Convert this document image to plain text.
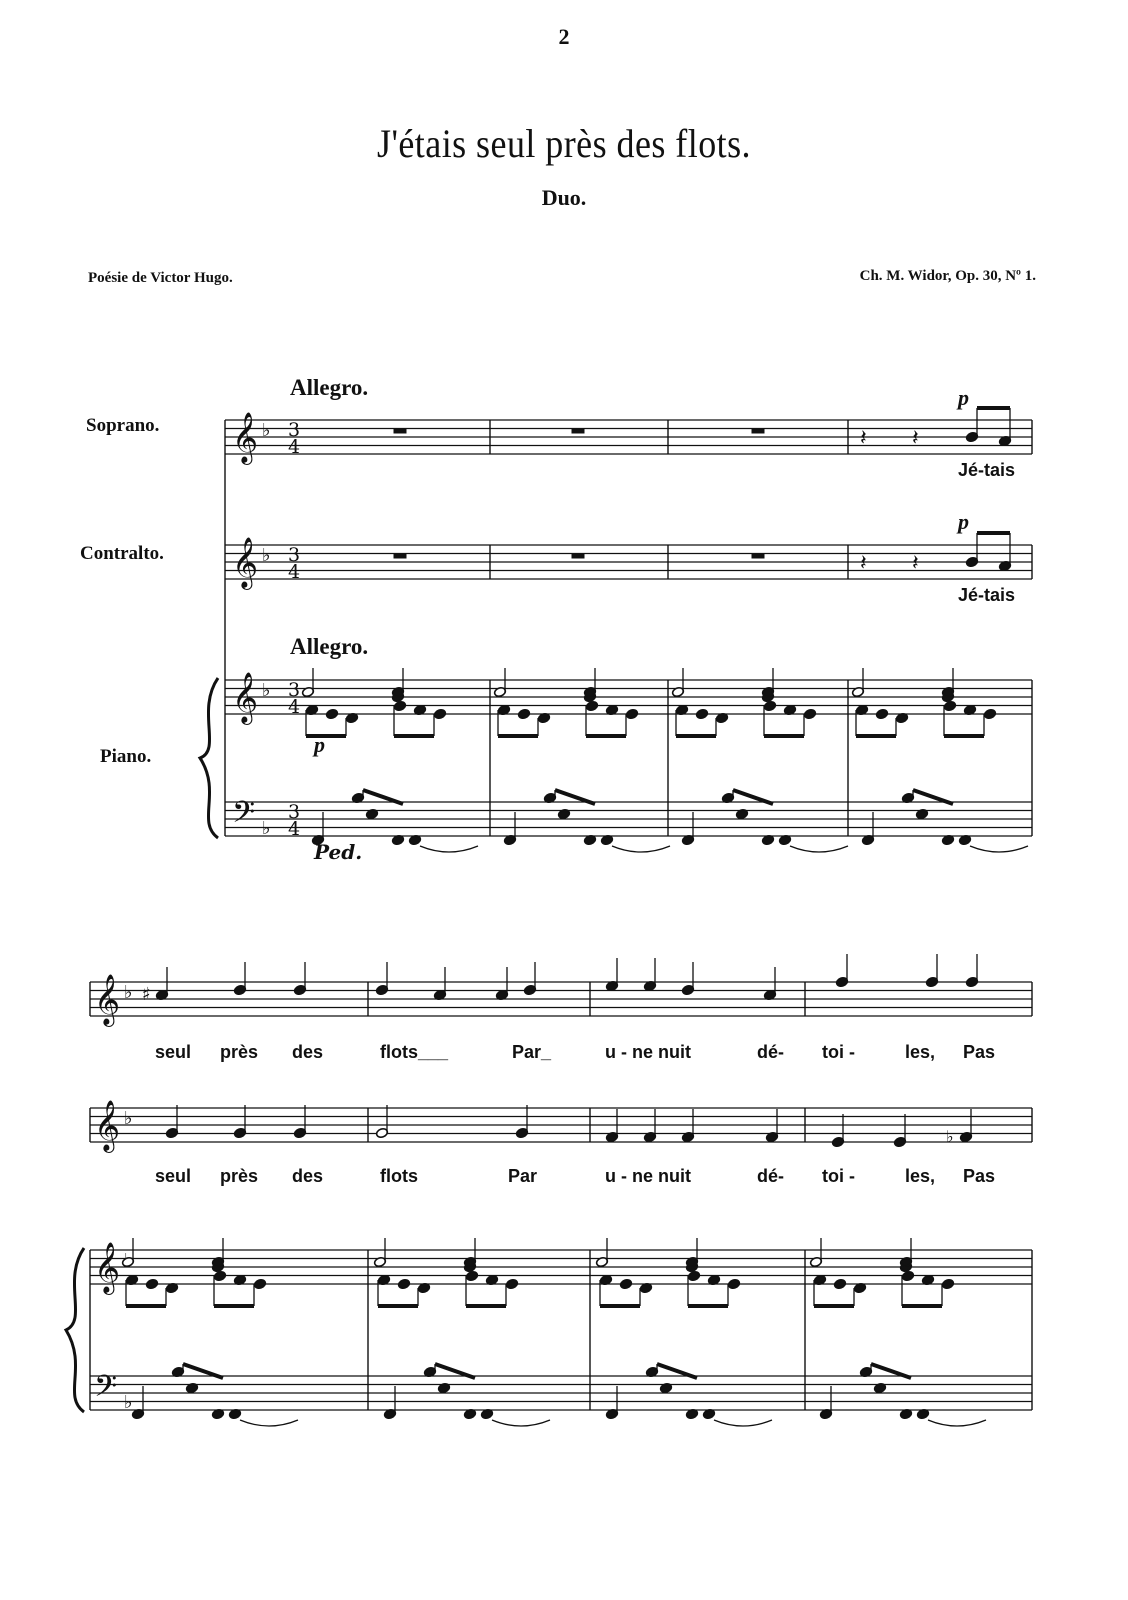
2
J'étais seul près des flots.
Duo.
Poésie de Victor Hugo.	Ch. M. Widor, Op. 30, Nº 1.
𝄞 ♭ 3
4
𝄞 ♭ 3
4
𝄞 ♭ 3
4
𝄢 ♭
3
4
𝄞 ♭
𝄞 ♭
𝄞
𝄢 ♭
𝄽 𝄽
𝄽 𝄽
♯
♭
Allegro.
Allegro.
Soprano.
Contralto.
Piano.
p
p
p
Ped.
Jé-tais
Jé-tais
seul près des	flots___	Par_	u - ne nuit	dé- toi -	les, Pas
seul près des	flots	Par	u - ne nuit	dé- toi -	les, Pas
